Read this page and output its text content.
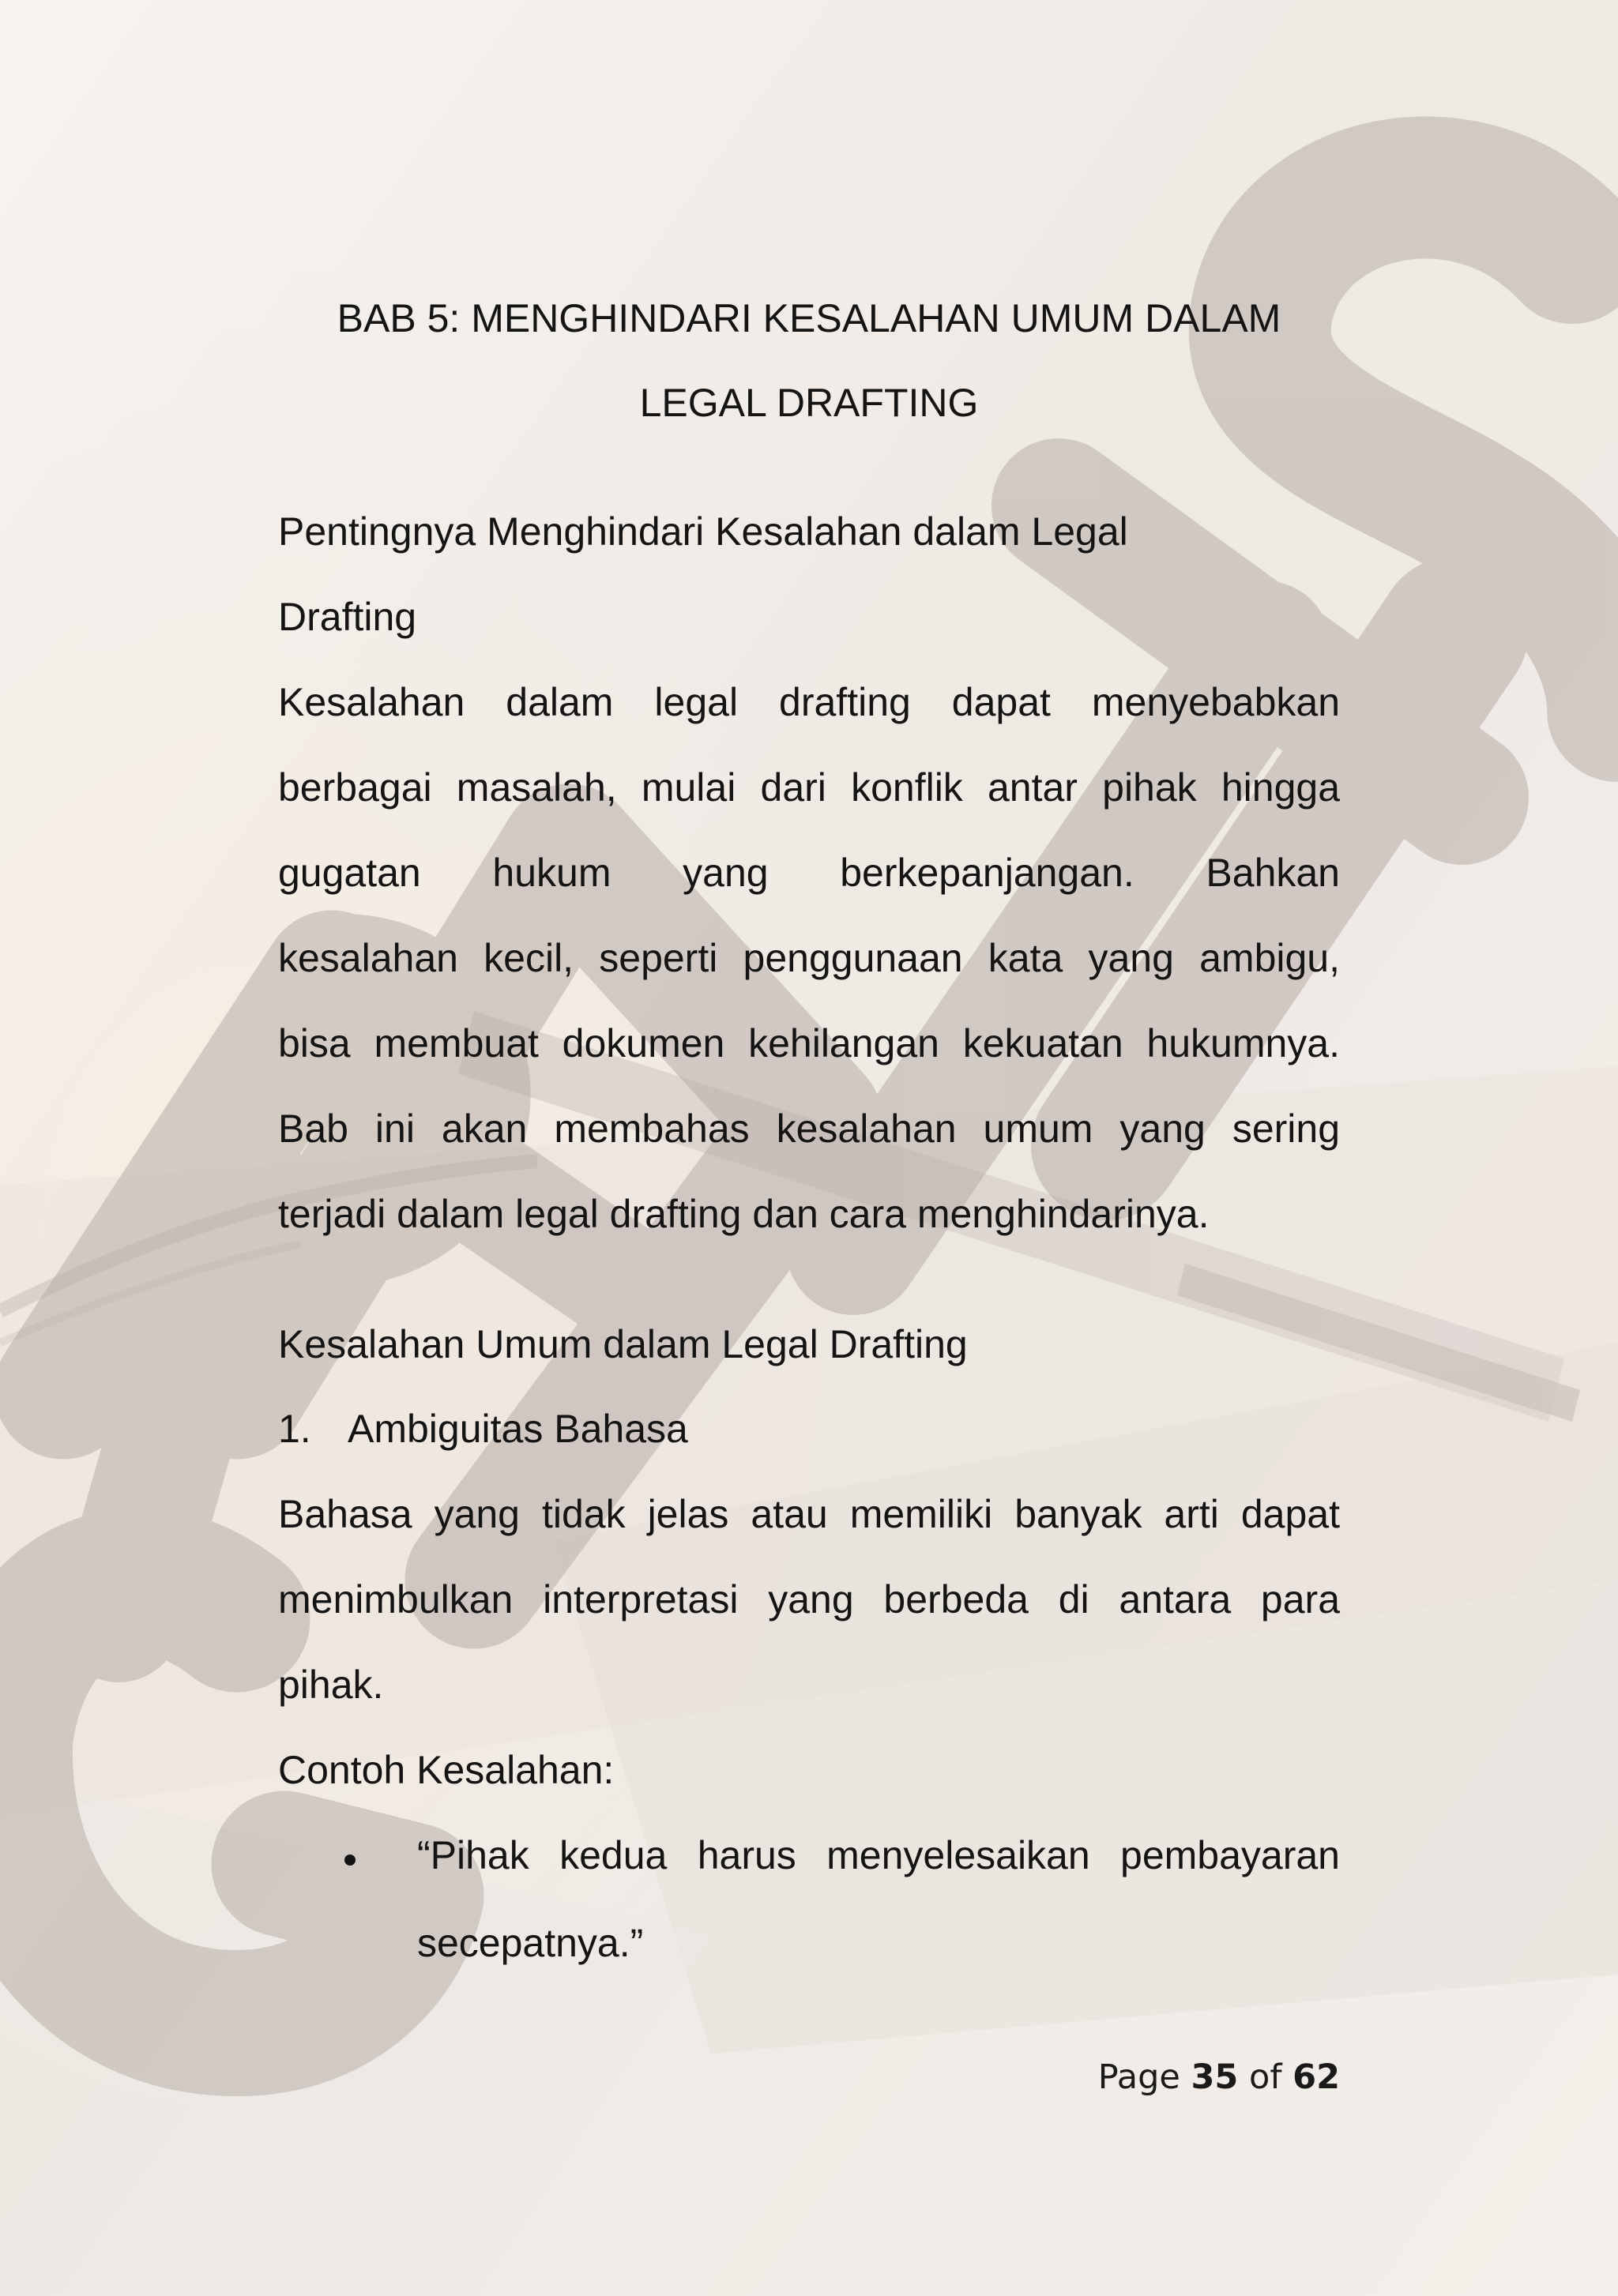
BAB 5: MENGHINDARI KESALAHAN UMUM DALAM

LEGAL DRAFTING

Pentingnya Menghindari Kesalahan dalam Legal

Drafting

Kesalahan dalam legal drafting dapat menyebabkan

berbagai masalah, mulai dari konflik antar pihak hingga

gugatan hukum yang berkepanjangan. Bahkan

kesalahan kecil, seperti penggunaan kata yang ambigu,

bisa membuat dokumen kehilangan kekuatan hukumnya.

Bab ini akan membahas kesalahan umum yang sering

terjadi dalam legal drafting dan cara menghindarinya.

Kesalahan Umum dalam Legal Drafting

1. Ambiguitas Bahasa

Bahasa yang tidak jelas atau memiliki banyak arti dapat

menimbulkan interpretasi yang berbeda di antara para

pihak.

Contoh Kesalahan:

“Pihak kedua harus menyelesaikan pembayaran

secepatnya.”

Page 35 of 62
